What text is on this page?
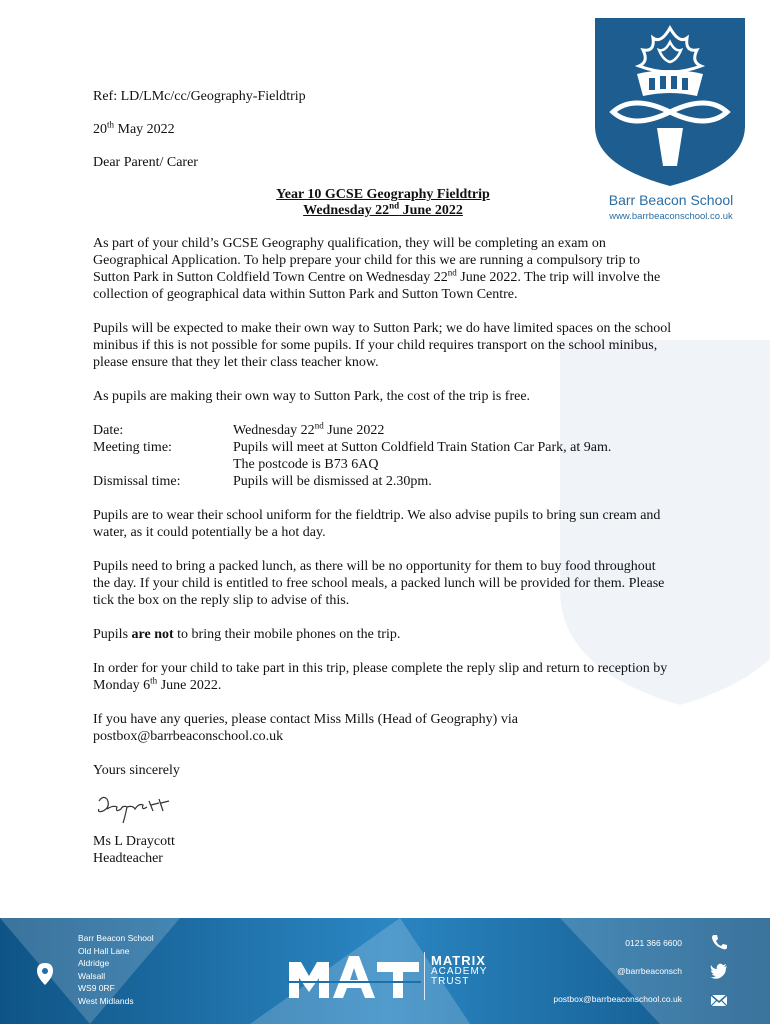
Barr Beacon School
www.barrbeaconschool.co.uk

Ref: LD/LMc/cc/Geography-Fieldtrip

20th May 2022

Dear Parent/ Carer

Year 10 GCSE Geography Fieldtrip

Wednesday 22nd June 2022

As part of your child’s GCSE Geography qualification, they will be completing an exam on Geographical Application. To help prepare your child for this we are running a compulsory trip to Sutton Park in Sutton Coldfield Town Centre on Wednesday 22nd June 2022. The trip will involve the collection of geographical data within Sutton Park and Sutton Town Centre.

Pupils will be expected to make their own way to Sutton Park; we do have limited spaces on the school minibus if this is not possible for some pupils. If your child requires transport on the school minibus, please ensure that they let their class teacher know.

As pupils are making their own way to Sutton Park, the cost of the trip is free.

Date:	Wednesday 22nd June 2022
Meeting time:	Pupils will meet at Sutton Coldfield Train Station Car Park, at 9am.
The postcode is B73 6AQ
Dismissal time:	Pupils will be dismissed at 2.30pm.

Pupils are to wear their school uniform for the fieldtrip. We also advise pupils to bring sun cream and water, as it could potentially be a hot day.

Pupils need to bring a packed lunch, as there will be no opportunity for them to buy food throughout the day. If your child is entitled to free school meals, a packed lunch will be provided for them. Please tick the box on the reply slip to advise of this.

Pupils are not to bring their mobile phones on the trip.

In order for your child to take part in this trip, please complete the reply slip and return to reception by Monday 6th June 2022.

If you have any queries, please contact Miss Mills (Head of Geography) via postbox@barrbeaconschool.co.uk

Yours sincerely

Ms L Draycott

Headteacher

Barr Beacon School
Old Hall Lane
Aldridge
Walsall
WS9 0RF
West Midlands
MATRIX
ACADEMY
TRUST
0121 366 6600
@barrbeaconsch
postbox@barrbeaconschool.co.uk
